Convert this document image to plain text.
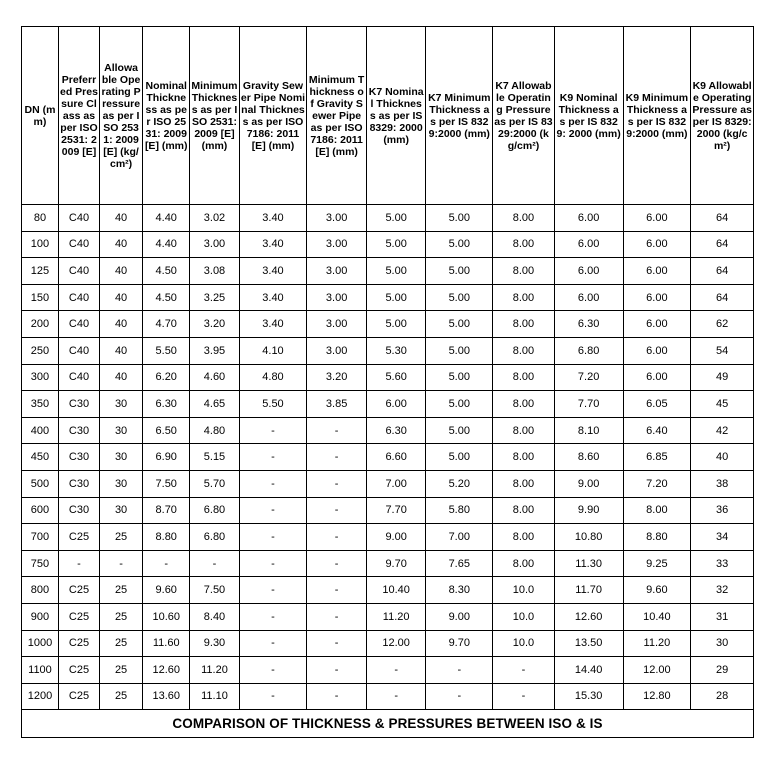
DN (mm)	Preferred Pressure Class as per ISO 2531: 2009 [E]	Allowable Operating Pressure as per ISO 2531: 2009 [E] (kg/cm²)	Nominal Thickness as per ISO 2531: 2009 [E] (mm)	Minimum Thickness as per ISO 2531: 2009 [E] (mm)	Gravity Sewer Pipe Nominal Thickness as per ISO 7186: 2011 [E] (mm)	Minimum Thickness of Gravity Sewer Pipe as per ISO 7186: 2011 [E] (mm)	K7 Nominal Thickness as per IS 8329: 2000 (mm)	K7 Minimum Thickness as per IS 8329:2000 (mm)	K7 Allowable Operating Pressure as per IS 8329:2000 (kg/cm²)	K9 Nominal Thickness as per IS 8329: 2000 (mm)	K9 Minimum Thickness as per IS 8329:2000 (mm)	K9 Allowable Operating Pressure as per IS 8329:2000 (kg/cm²)
80	C40	40	4.40	3.02	3.40	3.00	5.00	5.00	8.00	6.00	6.00	64
100	C40	40	4.40	3.00	3.40	3.00	5.00	5.00	8.00	6.00	6.00	64
125	C40	40	4.50	3.08	3.40	3.00	5.00	5.00	8.00	6.00	6.00	64
150	C40	40	4.50	3.25	3.40	3.00	5.00	5.00	8.00	6.00	6.00	64
200	C40	40	4.70	3.20	3.40	3.00	5.00	5.00	8.00	6.30	6.00	62
250	C40	40	5.50	3.95	4.10	3.00	5.30	5.00	8.00	6.80	6.00	54
300	C40	40	6.20	4.60	4.80	3.20	5.60	5.00	8.00	7.20	6.00	49
350	C30	30	6.30	4.65	5.50	3.85	6.00	5.00	8.00	7.70	6.05	45
400	C30	30	6.50	4.80	-	-	6.30	5.00	8.00	8.10	6.40	42
450	C30	30	6.90	5.15	-	-	6.60	5.00	8.00	8.60	6.85	40
500	C30	30	7.50	5.70	-	-	7.00	5.20	8.00	9.00	7.20	38
600	C30	30	8.70	6.80	-	-	7.70	5.80	8.00	9.90	8.00	36
700	C25	25	8.80	6.80	-	-	9.00	7.00	8.00	10.80	8.80	34
750	-	-	-	-	-	-	9.70	7.65	8.00	11.30	9.25	33
800	C25	25	9.60	7.50	-	-	10.40	8.30	10.0	11.70	9.60	32
900	C25	25	10.60	8.40	-	-	11.20	9.00	10.0	12.60	10.40	31
1000	C25	25	11.60	9.30	-	-	12.00	9.70	10.0	13.50	11.20	30
1100	C25	25	12.60	11.20	-	-	-	-	-	14.40	12.00	29
1200	C25	25	13.60	11.10	-	-	-	-	-	15.30	12.80	28
COMPARISON OF THICKNESS & PRESSURES BETWEEN ISO & IS												
